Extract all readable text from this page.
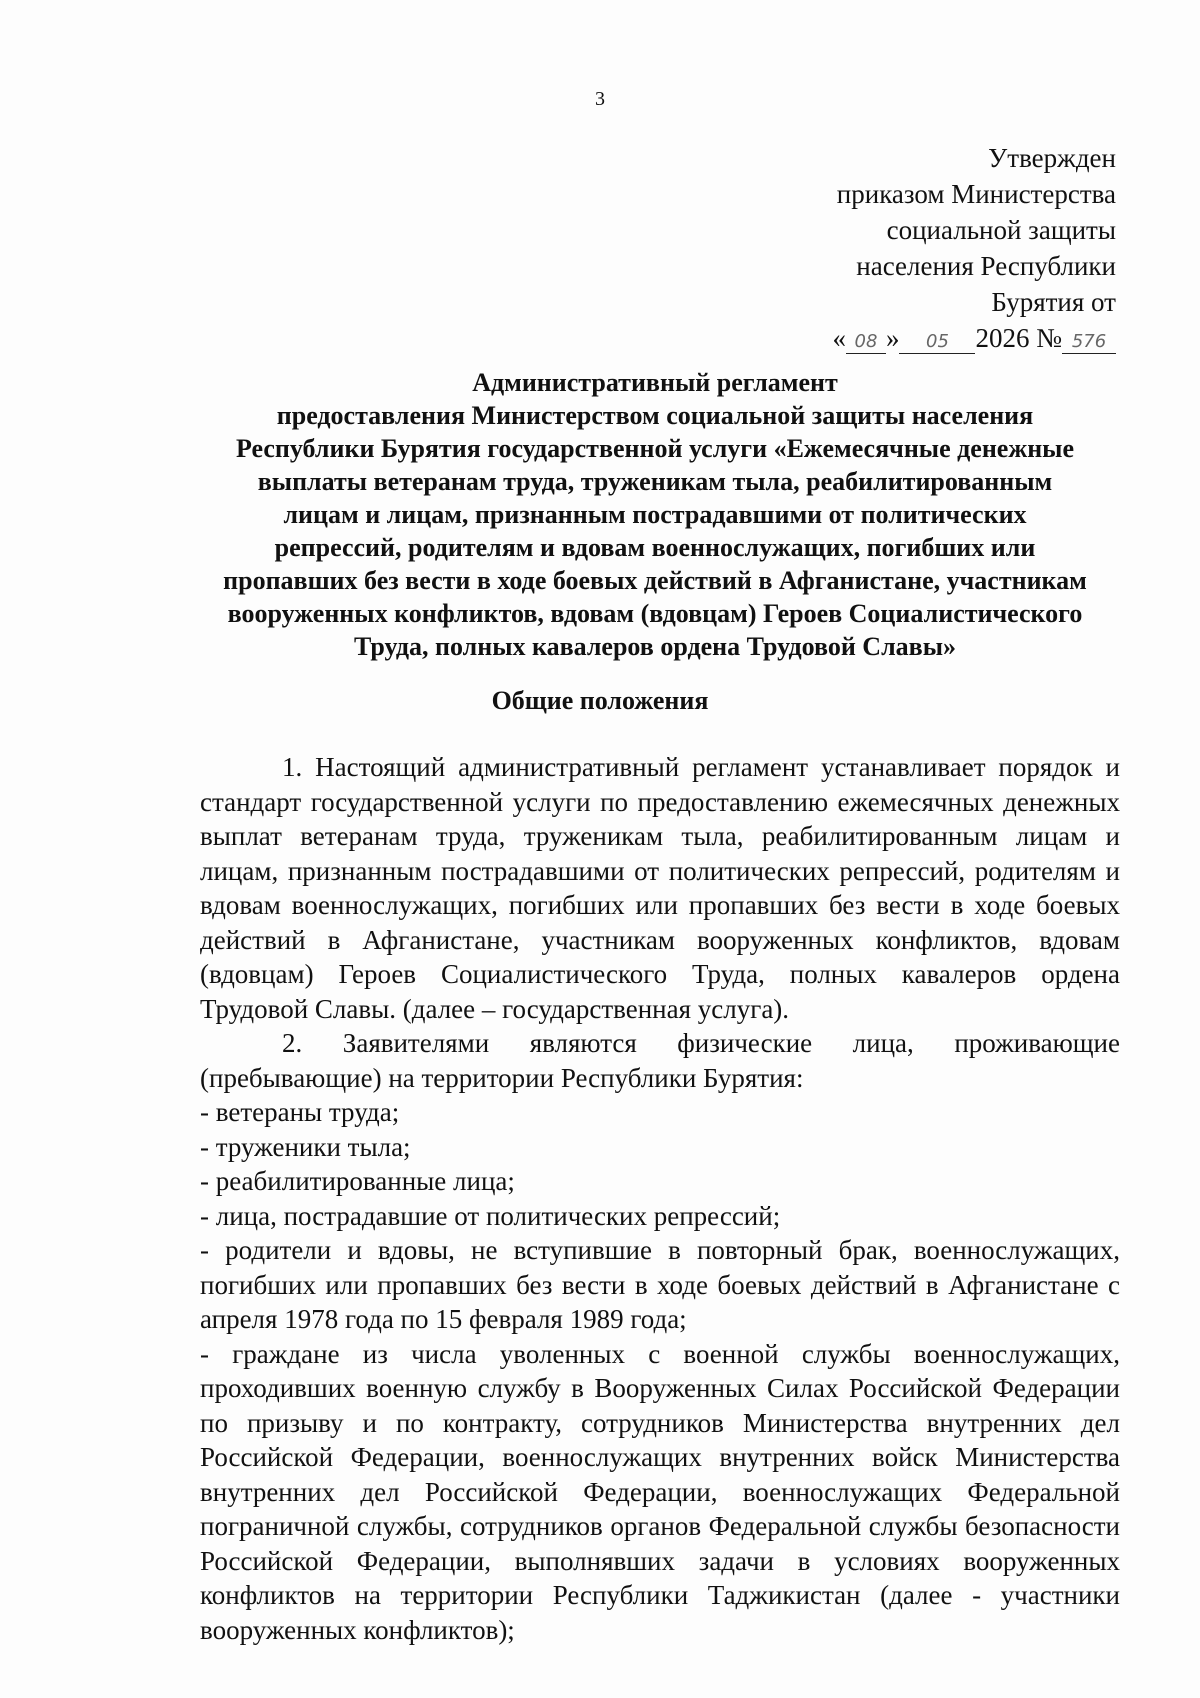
3
Утвержден
приказом Министерства
социальной защиты
населения Республики
Бурятия от
« 08 » 05 2026 № 576
Административный регламент
предоставления Министерством социальной защиты населения
Республики Бурятия государственной услуги «Ежемесячные денежные
выплаты ветеранам труда, труженикам тыла, реабилитированным
лицам и лицам, признанным пострадавшими от политических
репрессий, родителям и вдовам военнослужащих, погибших или
пропавших без вести в ходе боевых действий в Афганистане, участникам
вооруженных конфликтов, вдовам (вдовцам) Героев Социалистического
Труда, полных кавалеров ордена Трудовой Славы»
Общие положения

1. Настоящий административный регламент устанавливает порядок и стандарт государственной услуги по предоставлению ежемесячных денежных выплат ветеранам труда, труженикам тыла, реабилитированным лицам и лицам, признанным пострадавшими от политических репрессий, родителям и вдовам военнослужащих, погибших или пропавших без вести в ходе боевых действий в Афганистане, участникам вооруженных конфликтов, вдовам (вдовцам) Героев Социалистического Труда, полных кавалеров ордена Трудовой Славы. (далее – государственная услуга).

2. Заявителями являются физические лица, проживающие (пребывающие) на территории Республики Бурятия:

- ветераны труда;

- труженики тыла;

- реабилитированные лица;

- лица, пострадавшие от политических репрессий;

- родители и вдовы, не вступившие в повторный брак, военнослужащих, погибших или пропавших без вести в ходе боевых действий в Афганистане с апреля 1978 года по 15 февраля 1989 года;

- граждане из числа уволенных с военной службы военнослужащих, проходивших военную службу в Вооруженных Силах Российской Федерации по призыву и по контракту, сотрудников Министерства внутренних дел Российской Федерации, военнослужащих внутренних войск Министерства внутренних дел Российской Федерации, военнослужащих Федеральной пограничной службы, сотрудников органов Федеральной службы безопасности Российской Федерации, выполнявших задачи в условиях вооруженных конфликтов на территории Республики Таджикистан (далее - участники вооруженных конфликтов);
